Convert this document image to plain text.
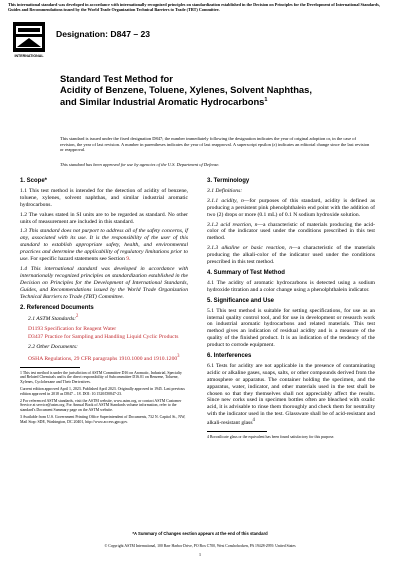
This international standard was developed in accordance with internationally recognized principles on standardization established in the Decision on Principles for the Development of International Standards, Guides and Recommendations issued by the World Trade Organization Technical Barriers to Trade (TBT) Committee.
INTERNATIONAL
Designation: D847 – 23
Standard Test Method for
Acidity of Benzene, Toluene, Xylenes, Solvent Naphthas,
and Similar Industrial Aromatic Hydrocarbons$^1$
This standard is issued under the fixed designation D847; the number immediately following the designation indicates the year of original adoption or, in the case of revision, the year of last revision. A number in parentheses indicates the year of last reapproval. A superscript epsilon (ε) indicates an editorial change since the last revision or reapproval.
This standard has been approved for use by agencies of the U.S. Department of Defense.
1. Scope*
1.1 This test method is intended for the detection of acidity of benzene, toluene, xylenes, solvent naphthas, and similar industrial aromatic hydrocarbons.
1.2 The values stated in SI units are to be regarded as standard. No other units of measurement are included in this standard.
1.3 This standard does not purport to address all of the safety concerns, if any, associated with its use. It is the responsibility of the user of this standard to establish appropriate safety, health, and environmental practices and determine the applicability of regulatory limitations prior to use. For specific hazard statements see Section 9.
1.4 This international standard was developed in accordance with internationally recognized principles on standardization established in the Decision on Principles for the Development of International Standards, Guides, and Recommendations issued by the World Trade Organization Technical Barriers to Trade (TBT) Committee.
2. Referenced Documents
2.1 ASTM Standards:$^2$
D1193 Specification for Reagent Water
D3437 Practice for Sampling and Handling Liquid Cyclic Products
2.2 Other Documents:
OSHA Regulations, 29 CFR paragraphs 1910.1000 and 1910.1200$^3$
1 This test method is under the jurisdiction of ASTM Committee D16 on Aromatic, Industrial, Specialty and Related Chemicals and is the direct responsibility of Subcommittee D16.01 on Benzene, Toluene, Xylenes, Cyclohexane and Their Derivatives.
Current edition approved April 1, 2023. Published April 2023. Originally approved in 1945. Last previous edition approved in 2018 as D847 – 18. DOI: 10.1520/D0847-23.
2 For referenced ASTM standards, visit the ASTM website, www.astm.org, or contact ASTM Customer Service at service@astm.org. For Annual Book of ASTM Standards volume information, refer to the standard's Document Summary page on the ASTM website.
3 Available from U.S. Government Printing Office Superintendent of Documents, 732 N. Capitol St., NW, Mail Stop: SDE, Washington, DC 20401, http://www.access.gpo.gov.
3. Terminology
3.1 Definitions:
3.1.1 acidity, n—for purposes of this standard, acidity is defined as producing a persistent pink phenolphthalein end point with the addition of two (2) drops or more (0.1 mL) of 0.1 N sodium hydroxide solution.
3.1.2 acid reaction, n—a characteristic of materials producing the acid-color of the indicator used under the conditions prescribed in this test method.
3.1.3 alkaline or basic reaction, n—a characteristic of the materials producing the alkali-color of the indicator used under the conditions prescribed in this test method.
4. Summary of Test Method
4.1 The acidity of aromatic hydrocarbons is detected using a sodium hydroxide titration and a color change using a phenolphthalein indicator.
5. Significance and Use
5.1 This test method is suitable for setting specifications, for use as an internal quality control tool, and for use in development or research work on industrial aromatic hydrocarbons and related materials. This test method gives an indication of residual acidity and is a measure of the quality of the finished product. It is an indication of the tendency of the product to corrode equipment.
6. Interferences
6.1 Tests for acidity are not applicable in the presence of contaminating acidic or alkaline gases, soaps, salts, or other compounds derived from the atmosphere or apparatus. The container holding the specimen, and the apparatus, water, indicator, and other materials used in the test shall be chosen so that they themselves shall not appreciably affect the results. Since new corks used in specimen bottles often are bleached with oxalic acid, it is advisable to rinse them thoroughly and check them for neutrality with the indicator used in the test. Glassware shall be of acid-resistant and alkali-resistant glass$^4$
4 Borosilicate glass or the equivalent has been found satisfactory for this purpose.
*A Summary of Changes section appears at the end of this standard
© Copyright ASTM International, 100 Barr Harbor Drive, PO Box C700, West Conshohocken, PA 19428-2959. United States
1
